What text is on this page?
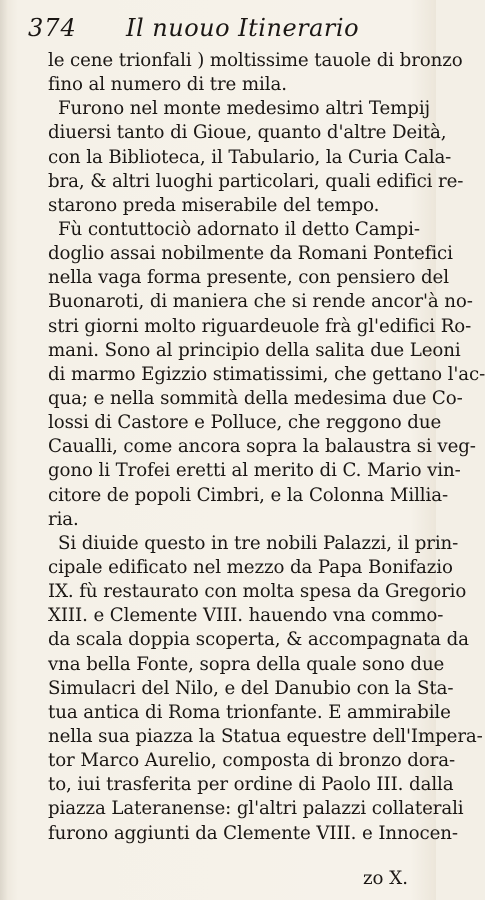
374 Il nuouo Itinerario
le cene trionfali ) moltissime tauole di bronzo
fino al numero di tre mila.
Furono nel monte medesimo altri Tempij
diuersi tanto di Gioue, quanto d'altre Deità,
con la Biblioteca, il Tabulario, la Curia Cala-
bra, & altri luoghi particolari, quali edifici re-
starono preda miserabile del tempo.
Fù contuttociò adornato il detto Campi-
doglio assai nobilmente da Romani Pontefici
nella vaga forma presente, con pensiero del
Buonaroti, di maniera che si rende ancor'à no-
stri giorni molto riguardeuole frà gl'edifici Ro-
mani. Sono al principio della salita due Leoni
di marmo Egizzio stimatissimi, che gettano l'ac-
qua; e nella sommità della medesima due Co-
lossi di Castore e Polluce, che reggono due
Caualli, come ancora sopra la balaustra si veg-
gono li Trofei eretti al merito di C. Mario vin-
citore de popoli Cimbri, e la Colonna Millia-
ria.
Si diuide questo in tre nobili Palazzi, il prin-
cipale edificato nel mezzo da Papa Bonifazio
IX. fù restaurato con molta spesa da Gregorio
XIII. e Clemente VIII. hauendo vna commo-
da scala doppia scoperta, & accompagnata da
vna bella Fonte, sopra della quale sono due
Simulacri del Nilo, e del Danubio con la Sta-
tua antica di Roma trionfante. E ammirabile
nella sua piazza la Statua equestre dell'Impera-
tor Marco Aurelio, composta di bronzo dora-
to, iui trasferita per ordine di Paolo III. dalla
piazza Lateranense: gl'altri palazzi collaterali
furono aggiunti da Clemente VIII. e Innocen-
zo X.
